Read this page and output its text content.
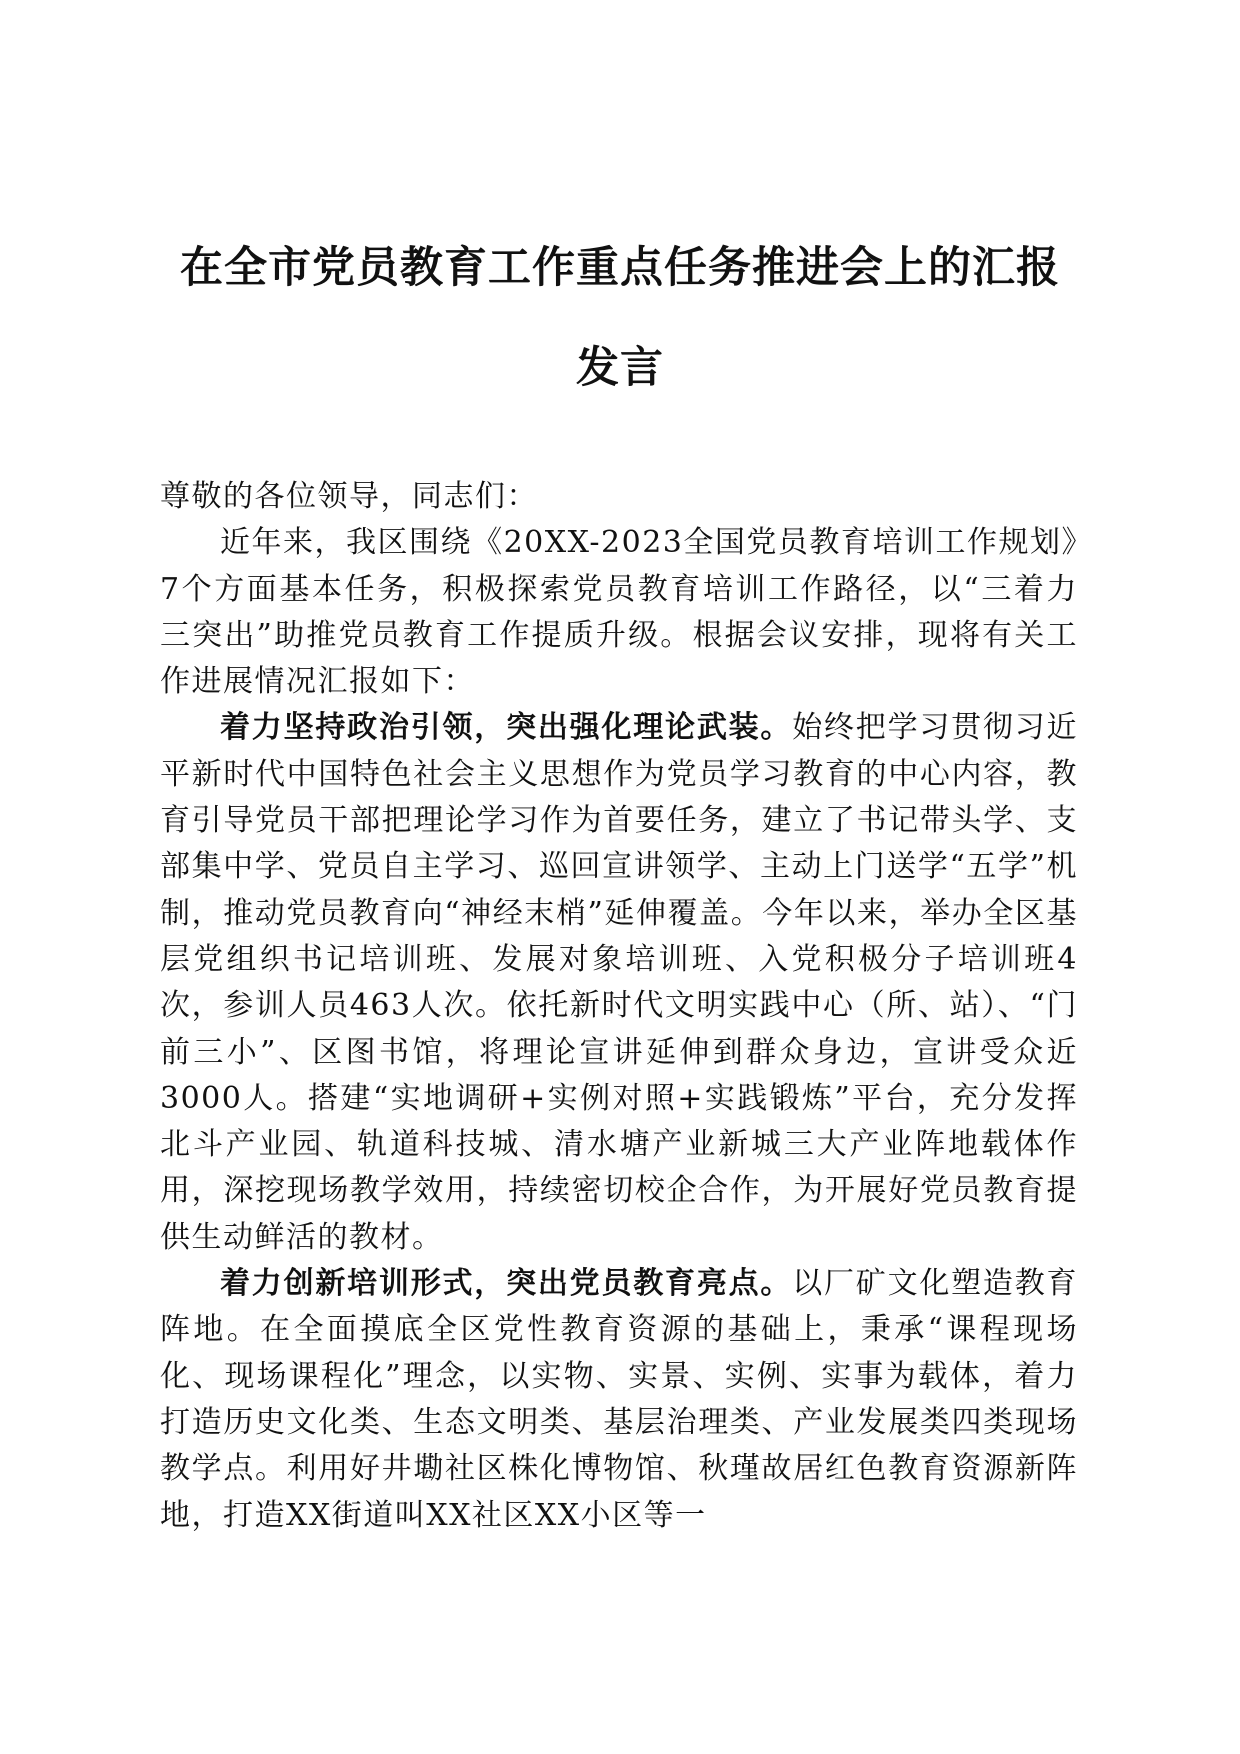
在全市党员教育工作重点任务推进会上的汇报
发言

尊敬的各位领导，同志们：

近年来，我区围绕《20XX-2023全国党员教育培训工作规划》7个方面基本任务，积极探索党员教育培训工作路径，以“三着力三突出”助推党员教育工作提质升级。根据会议安排，现将有关工作进展情况汇报如下：

着力坚持政治引领，突出强化理论武装。始终把学习贯彻习近平新时代中国特色社会主义思想作为党员学习教育的中心内容，教育引导党员干部把理论学习作为首要任务，建立了书记带头学、支部集中学、党员自主学习、巡回宣讲领学、主动上门送学“五学”机制，推动党员教育向“神经末梢”延伸覆盖。今年以来，举办全区基层党组织书记培训班、发展对象培训班、入党积极分子培训班4次，参训人员463人次。依托新时代文明实践中心（所、站）、“门前三小”、区图书馆，将理论宣讲延伸到群众身边，宣讲受众近3000人。搭建“实地调研+实例对照+实践锻炼”平台，充分发挥北斗产业园、轨道科技城、清水塘产业新城三大产业阵地载体作用，深挖现场教学效用，持续密切校企合作，为开展好党员教育提供生动鲜活的教材。

着力创新培训形式，突出党员教育亮点。以厂矿文化塑造教育阵地。在全面摸底全区党性教育资源的基础上，秉承“课程现场化、现场课程化”理念，以实物、实景、实例、实事为载体，着力打造历史文化类、生态文明类、基层治理类、产业发展类四类现场教学点。利用好井墈社区株化博物馆、秋瑾故居红色教育资源新阵地，打造XX街道叫XX社区XX小区等一
